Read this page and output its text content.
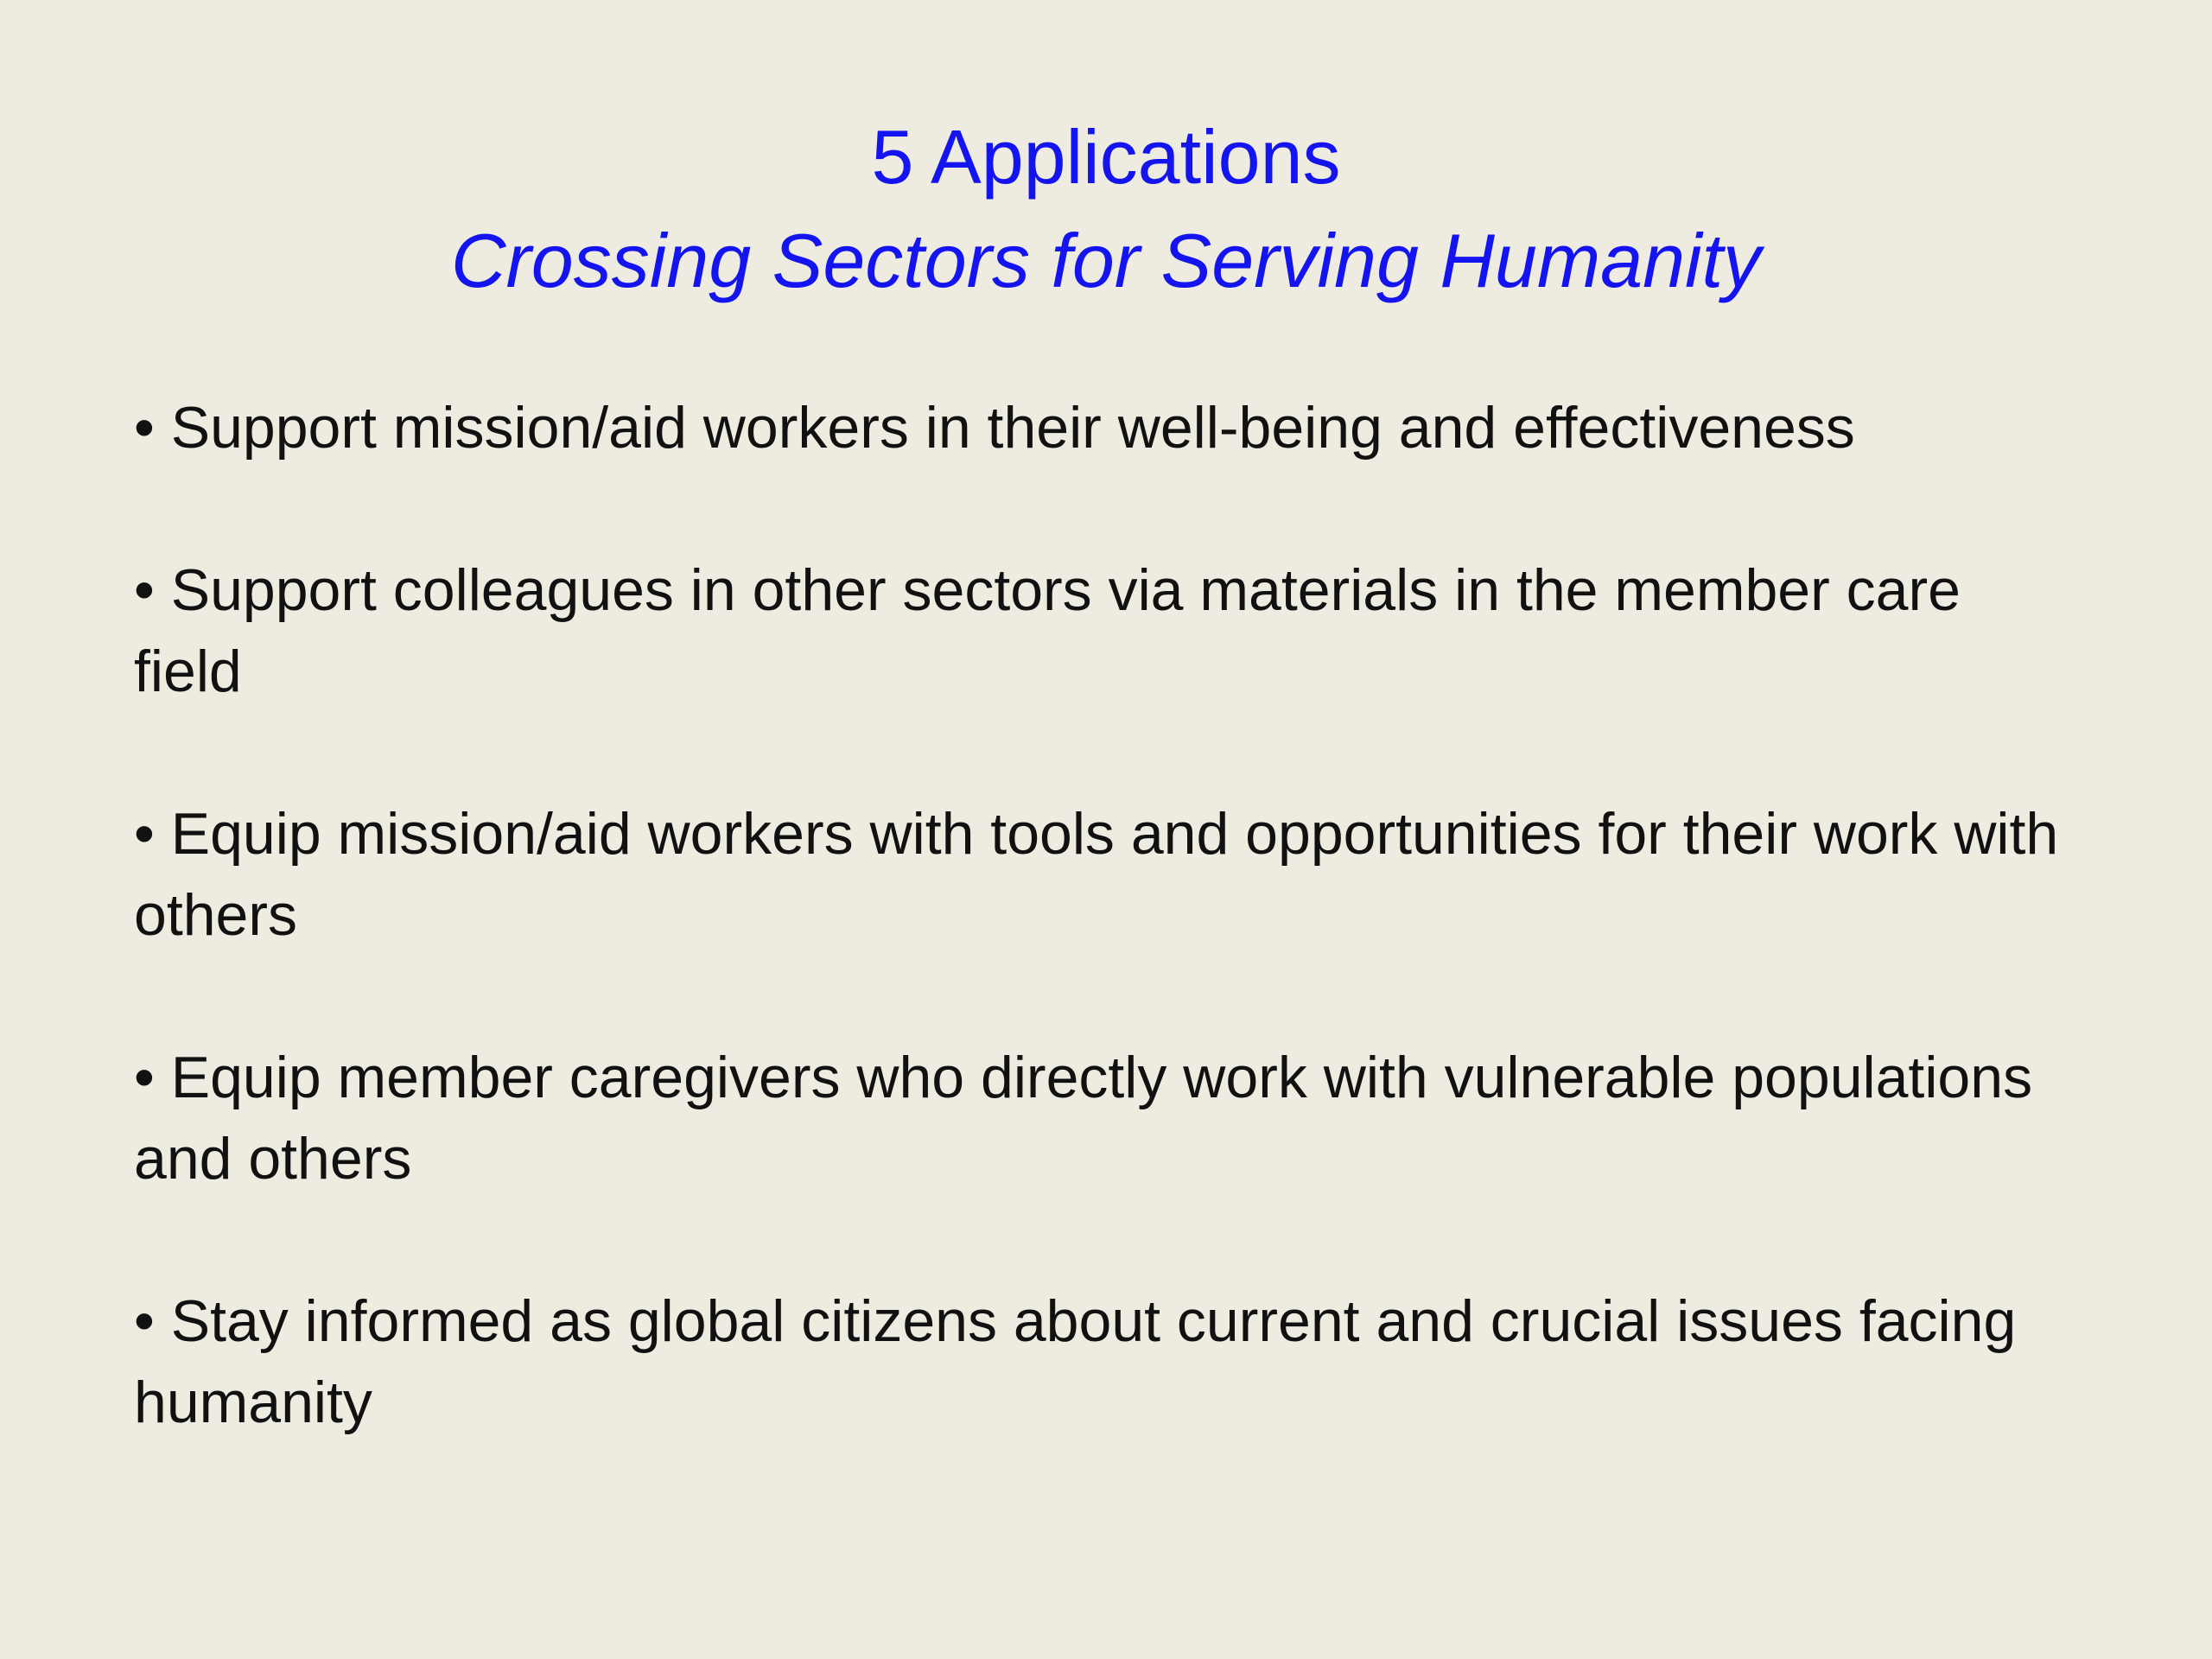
5 Applications
Crossing Sectors for Serving Humanity
• Support mission/aid workers in their well-being and effectiveness
• Support colleagues in other sectors via materials in the member care field
• Equip mission/aid workers with tools and opportunities for their work with others
• Equip member caregivers who directly work with vulnerable populations and others
• Stay informed as global citizens about current and crucial issues facing humanity
